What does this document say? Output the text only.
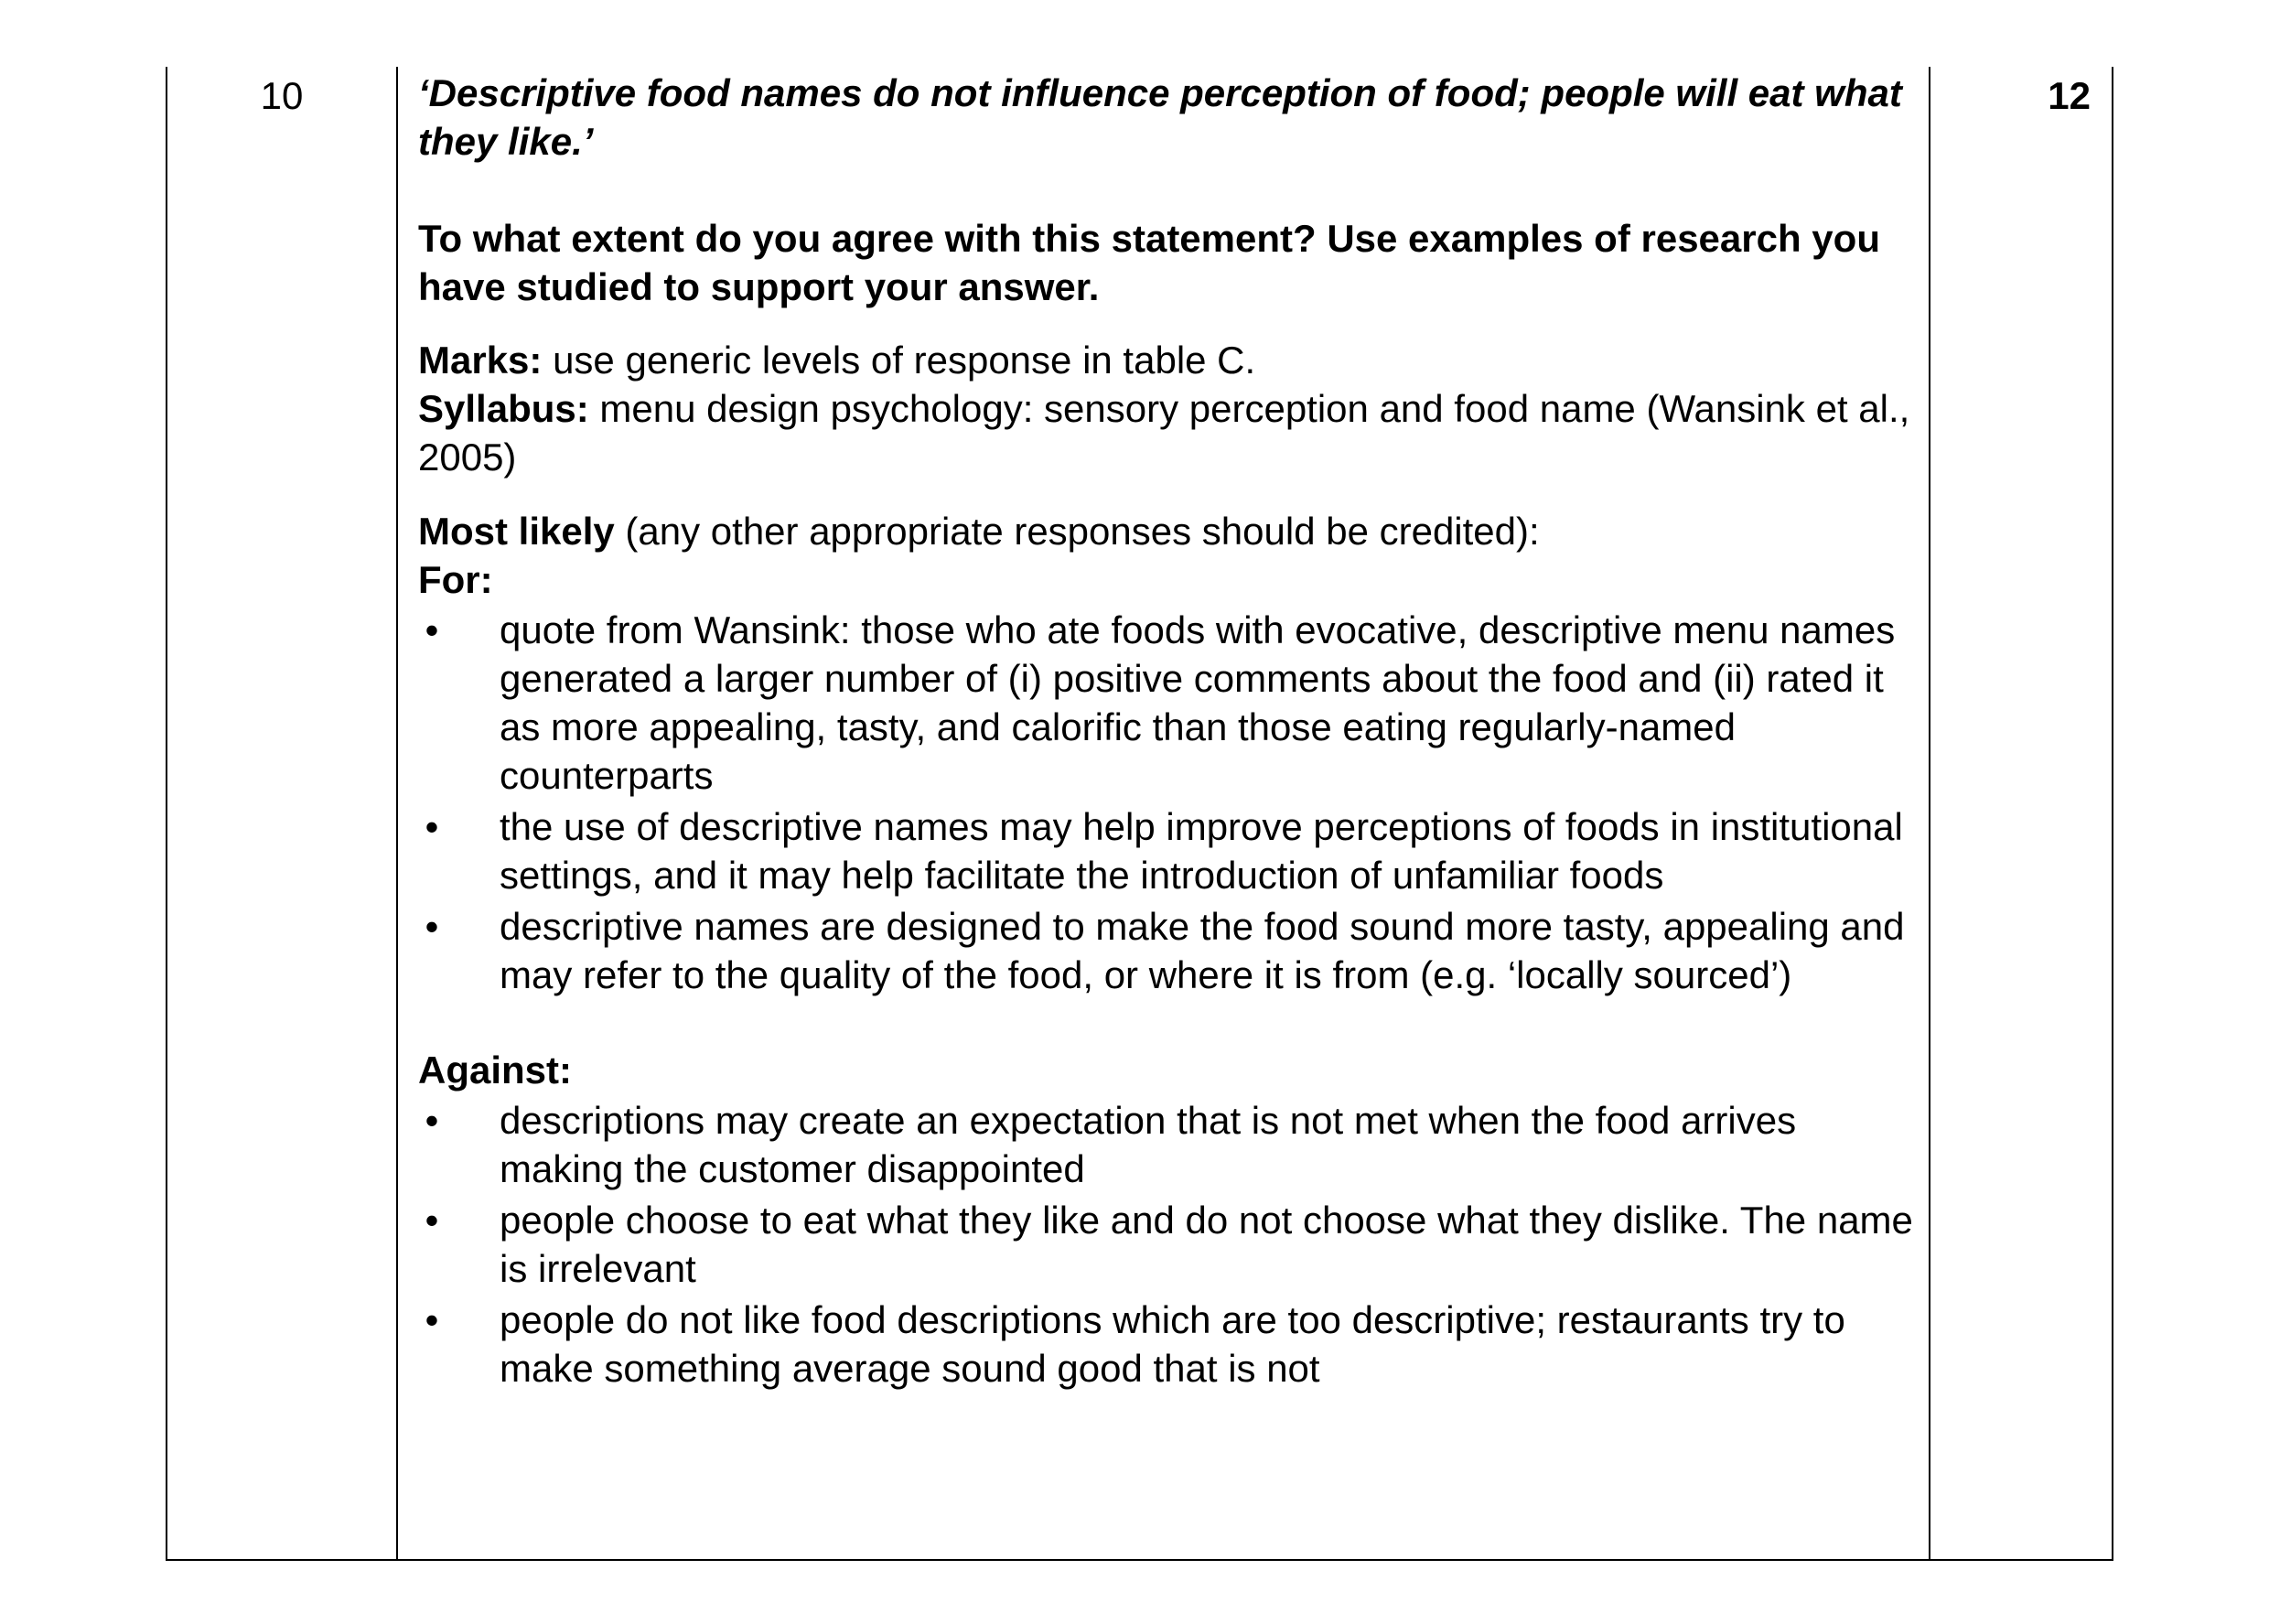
10	12

‘Descriptive food names do not influence perception of food; people will eat what they like.’

To what extent do you agree with this statement? Use examples of research you have studied to support your answer.

Marks: use generic levels of response in table C.

Syllabus: menu design psychology: sensory perception and food name (Wansink et al., 2005)

Most likely (any other appropriate responses should be credited):

For:

• quote from Wansink: those who ate foods with evocative, descriptive menu names generated a larger number of (i) positive comments about the food and (ii) rated it as more appealing, tasty, and calorific than those eating regularly-named counterparts
• the use of descriptive names may help improve perceptions of foods in institutional settings, and it may help facilitate the introduction of unfamiliar foods
• descriptive names are designed to make the food sound more tasty, appealing and may refer to the quality of the food, or where it is from (e.g. ‘locally sourced’)

Against:

• descriptions may create an expectation that is not met when the food arrives making the customer disappointed
• people choose to eat what they like and do not choose what they dislike. The name is irrelevant
• people do not like food descriptions which are too descriptive; restaurants try to make something average sound good that is not
